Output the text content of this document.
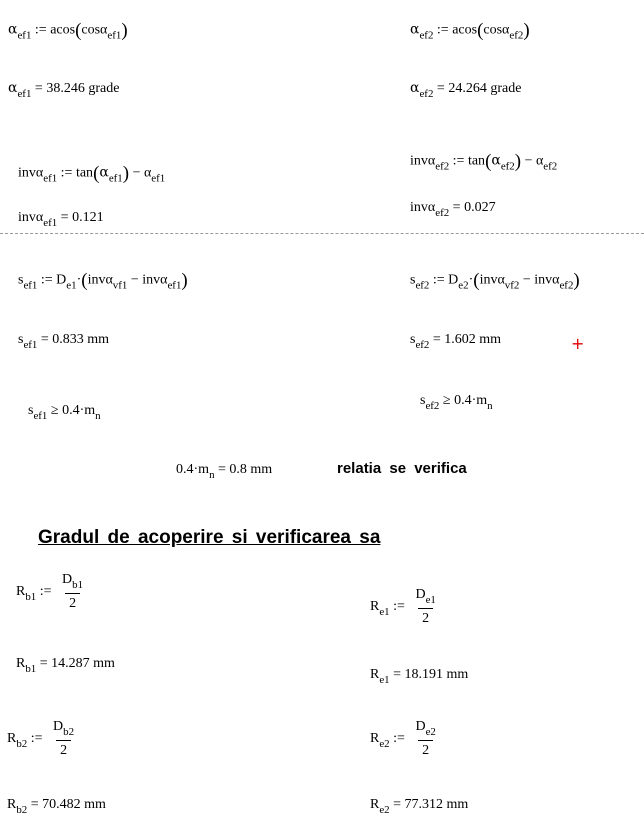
$\alpha_{ef1}$ := acos(cosα$_{ef1}$)	$\alpha_{ef2}$ := acos(cosα$_{ef2}$)
$\alpha_{ef1} = 38.246$ grade	$\alpha_{ef2} = 24.264$ grade
invα$_{ef1}$ := $\tan(\alpha_{ef1}) - \alpha_{ef1}$
invα$_{ef2}$ := $\tan(\alpha_{ef2}) - \alpha_{ef2}$
invα$_{ef1}$ = 0.121
invα$_{ef2}$ = 0.027
$s_{ef1}$ := $D_{e1}\cdot(inv\alpha_{vf1} - inv\alpha_{ef1})$	$s_{ef2}$ := $D_{e2}\cdot(inv\alpha_{vf2} - inv\alpha_{ef2})$
$s_{ef1} = 0.833$ mm	$s_{ef2} = 1.602$ mm	+
$s_{ef1} \ge 0.4\cdot m_n$
$s_{ef2} \ge 0.4\cdot m_n$
$0.4\cdot m_n = 0.8$ mm	relatia se verifica
Gradul de acoperire si verificarea sa
$R_{b1}$ := $\frac{D_{b1}}{2}$	$R_{e1}$ := $\frac{D_{e1}}{2}$
$R_{b1} = 14.287$ mm
$R_{e1} = 18.191$ mm
$R_{b2}$ := $\frac{D_{b2}}{2}$	$R_{e2}$ := $\frac{D_{e2}}{2}$
$R_{b2} = 70.482$ mm	$R_{e2} = 77.312$ mm
